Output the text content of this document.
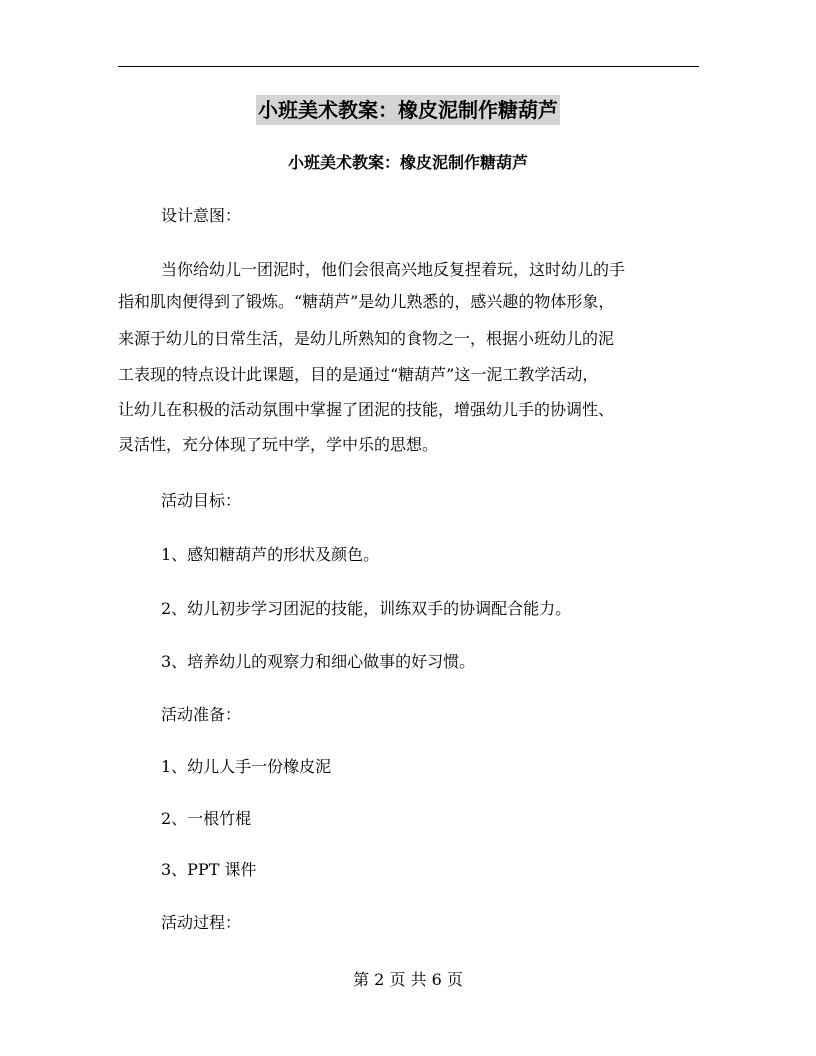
小班美术教案：橡皮泥制作糖葫芦
小班美术教案：橡皮泥制作糖葫芦
设计意图：
当你给幼儿一团泥时，他们会很高兴地反复捏着玩，这时幼儿的手
指和肌肉便得到了锻炼。“糖葫芦”是幼儿熟悉的，感兴趣的物体形象，
来源于幼儿的日常生活，是幼儿所熟知的食物之一，根据小班幼儿的泥
工表现的特点设计此课题，目的是通过“糖葫芦”这一泥工教学活动，
让幼儿在积极的活动氛围中掌握了团泥的技能，增强幼儿手的协调性、
灵活性，充分体现了玩中学，学中乐的思想。
活动目标：
1、感知糖葫芦的形状及颜色。
2、幼儿初步学习团泥的技能，训练双手的协调配合能力。
3、培养幼儿的观察力和细心做事的好习惯。
活动准备：
1、幼儿人手一份橡皮泥
2、一根竹棍
3、PPT 课件
活动过程：
第 2 页 共 6 页
